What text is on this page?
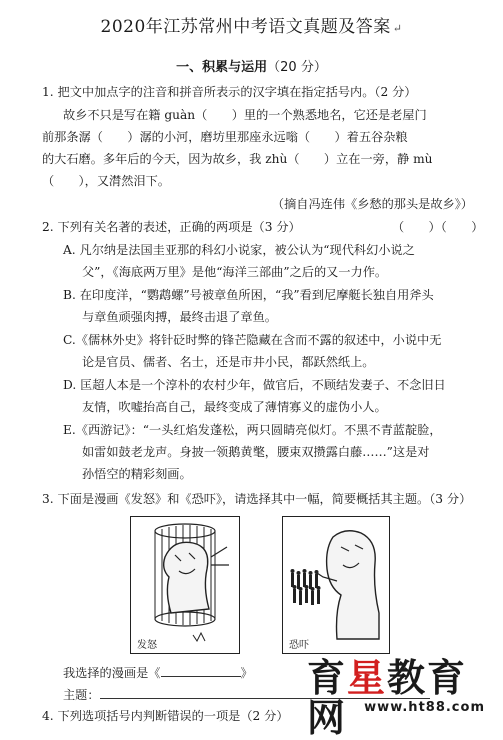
2020年江苏常州中考语文真题及答案 ↵
一、积累与运用（20 分）
1. 把文中加点字的注音和拼音所表示的汉字填在指定括号内。（2 分）
故乡不只是写在籍 guàn（　　）里的一个熟悉地名，它还是老屋门
前那条潺（　　）潺的小河，磨坊里那座永远嗡（　　）着五谷杂粮
的大石磨。多年后的今天，因为故乡，我 zhù（　　）立在一旁，静 mù
（　　），又潸然泪下。
（摘自冯连伟《乡愁的那头是故乡》）
2. 下列有关名著的表述，正确的两项是（3 分）	（　　）（　　）
A. 凡尔纳是法国圭亚那的科幻小说家，被公认为“现代科幻小说之
父”，《海底两万里》是他“海洋三部曲”之后的又一力作。
B. 在印度洋，“鹦鹉螺”号被章鱼所困，“我”看到尼摩艇长独自用斧头
与章鱼顽强肉搏，最终击退了章鱼。
C.《儒林外史》将针砭时弊的锋芒隐藏在含而不露的叙述中，小说中无
论是官员、儒者、名士，还是市井小民，都跃然纸上。
D. 匡超人本是一个淳朴的农村少年，做官后，不顾结发妻子、不念旧日
友情，吹嘘抬高自己，最终变成了薄情寡义的虚伪小人。
E.《西游记》：“一头红焰发蓬松，两只圆睛亮似灯。不黑不青蓝靛脸，
如雷如鼓老龙声。身披一领鹅黄氅，腰束双攒露白藤……”这是对
孙悟空的精彩刻画。
3. 下面是漫画《发怒》和《恐吓》，请选择其中一幅，简要概括其主题。（3 分）
发怒	恐吓
我选择的漫画是《	》
主题：
4. 下列选项括号内判断错误的一项是（2 分）
育星教育网	www.ht88.com
